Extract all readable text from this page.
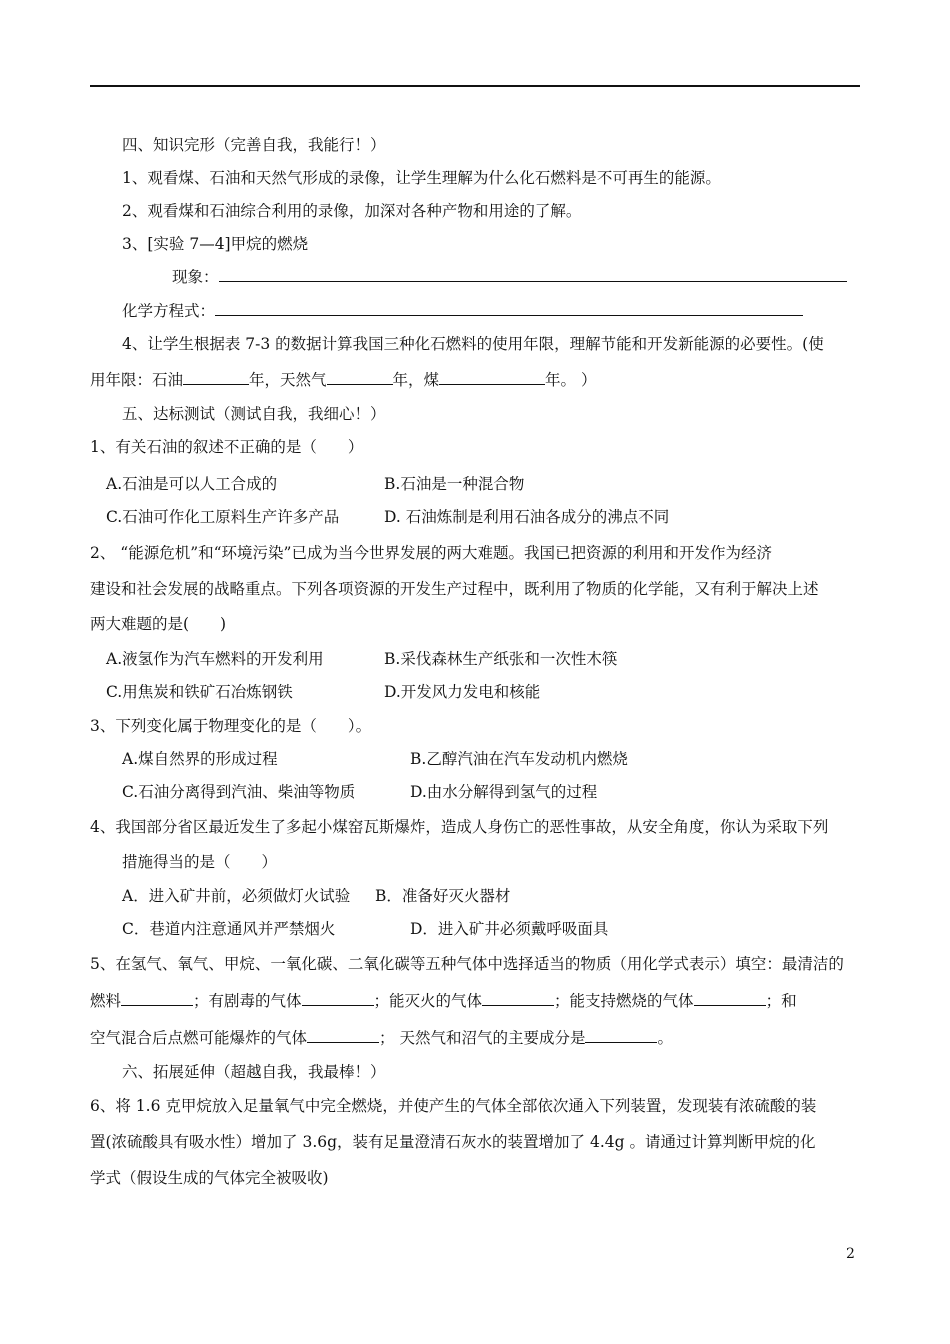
四、知识完形（完善自我，我能行！）
1、观看煤、石油和天然气形成的录像，让学生理解为什么化石燃料是不可再生的能源。
2、观看煤和石油综合利用的录像，加深对各种产物和用途的了解。
3、[实验 7—4]甲烷的燃烧
现象：
化学方程式：
4、让学生根据表 7-3 的数据计算我国三种化石燃料的使用年限，理解节能和开发新能源的必要性。(使
用年限：石油	年，天然气	年，煤	年。 ）
五、达标测试（测试自我，我细心！）
1、有关石油的叙述不正确的是（　　）
A.石油是可以人工合成的	B.石油是一种混合物
C.石油可作化工原料生产许多产品	D. 石油炼制是利用石油各成分的沸点不同
2、 “能源危机”和“环境污染”已成为当今世界发展的两大难题。我国已把资源的利用和开发作为经济
建设和社会发展的战略重点。下列各项资源的开发生产过程中，既利用了物质的化学能，又有利于解决上述
两大难题的是(　　)
A.液氢作为汽车燃料的开发利用	B.采伐森林生产纸张和一次性木筷
C.用焦炭和铁矿石冶炼钢铁	D.开发风力发电和核能
3、下列变化属于物理变化的是（　　）。
A.煤自然界的形成过程	B.乙醇汽油在汽车发动机内燃烧
C.石油分离得到汽油、柴油等物质	D.由水分解得到氢气的过程
4、我国部分省区最近发生了多起小煤窑瓦斯爆炸，造成人身伤亡的恶性事故，从安全角度，你认为采取下列
措施得当的是（　　）
A．进入矿井前，必须做灯火试验 B．准备好灭火器材
C．巷道内注意通风并严禁烟火	D．进入矿井必须戴呼吸面具
5、在氢气、氧气、甲烷、一氧化碳、二氧化碳等五种气体中选择适当的物质（用化学式表示）填空：最清洁的
燃料	；有剧毒的气体	；能灭火的气体	；能支持燃烧的气体	；和
空气混合后点燃可能爆炸的气体	； 天然气和沼气的主要成分是	。
六、拓展延伸（超越自我，我最棒！）
6、将 1.6 克甲烷放入足量氧气中完全燃烧，并使产生的气体全部依次通入下列装置，发现装有浓硫酸的装
置(浓硫酸具有吸水性）增加了 3.6g，装有足量澄清石灰水的装置增加了 4.4g 。请通过计算判断甲烷的化
学式（假设生成的气体完全被吸收)
2
